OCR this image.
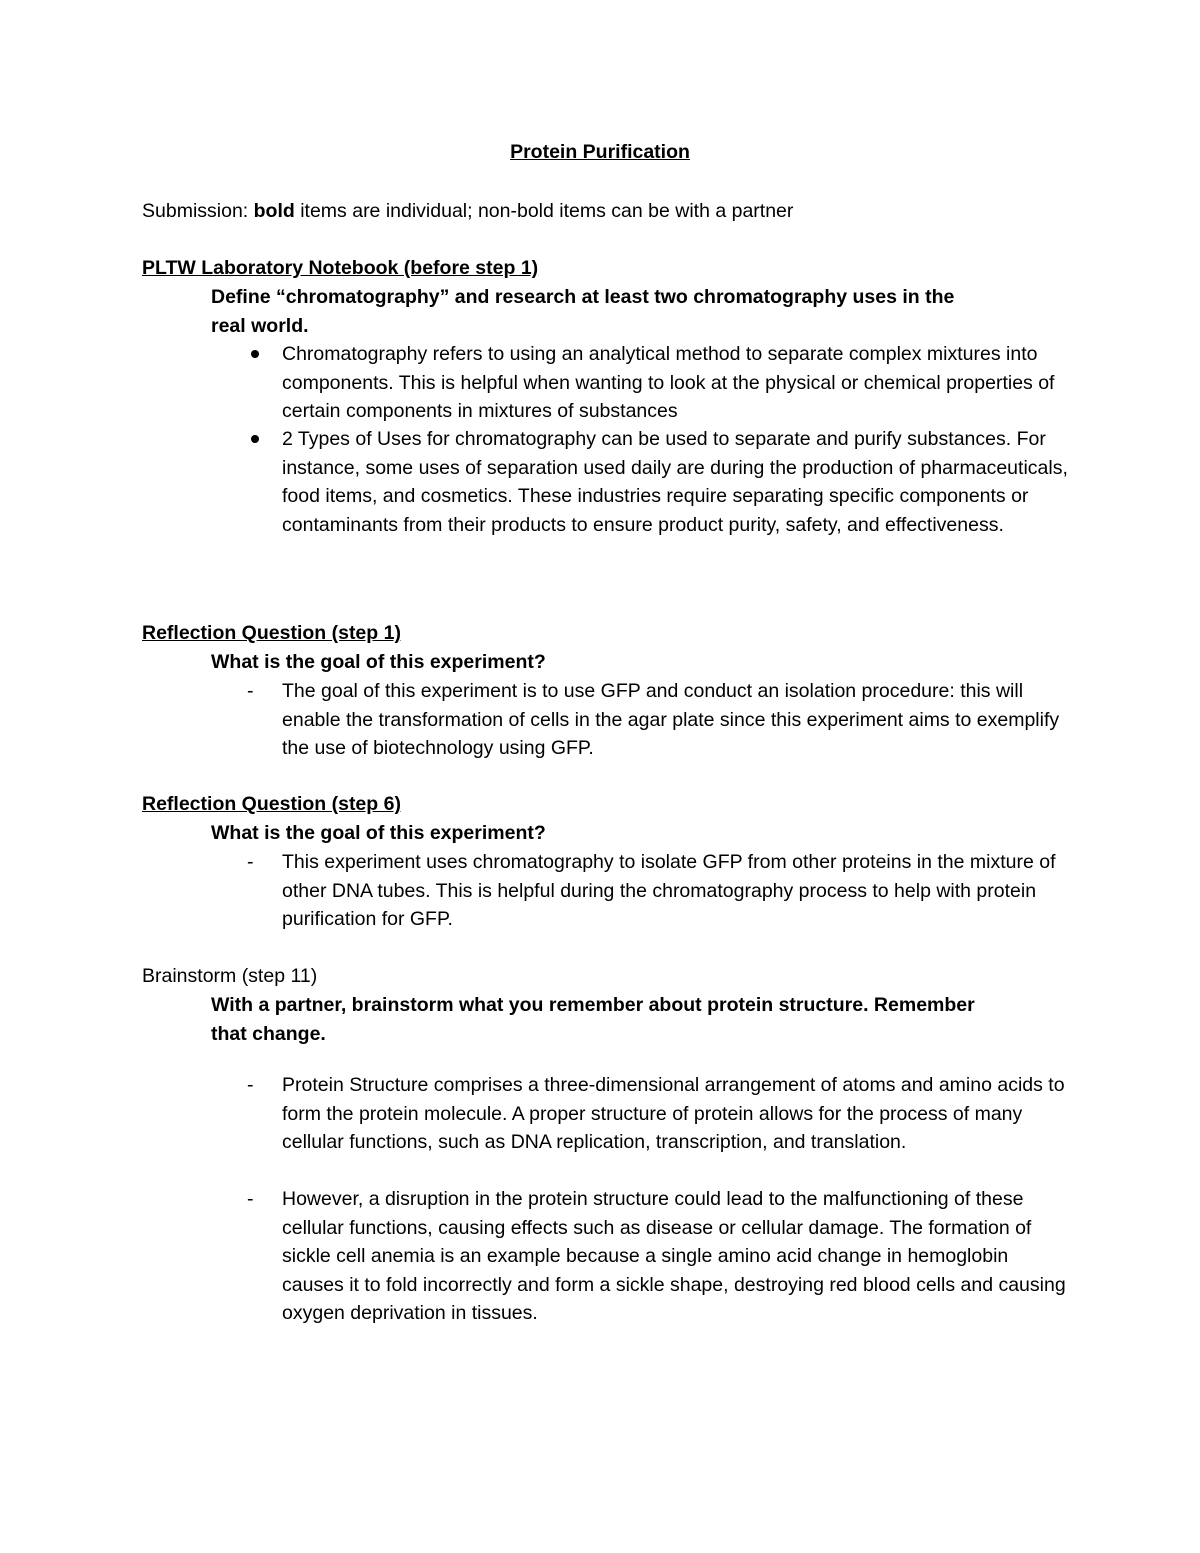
Protein Purification
Submission: bold items are individual; non-bold items can be with a partner
PLTW Laboratory Notebook (before step 1)
Define “chromatography” and research at least two chromatography uses in the
real world.
Chromatography refers to using an analytical method to separate complex mixtures into components. This is helpful when wanting to look at the physical or chemical properties of certain components in mixtures of substances
2 Types of Uses for chromatography can be used to separate and purify substances. For instance, some uses of separation used daily are during the production of pharmaceuticals, food items, and cosmetics. These industries require separating specific components or contaminants from their products to ensure product purity, safety, and effectiveness.
Reflection Question (step 1)
What is the goal of this experiment?
- The goal of this experiment is to use GFP and conduct an isolation procedure: this will enable the transformation of cells in the agar plate since this experiment aims to exemplify the use of biotechnology using GFP.
Reflection Question (step 6)
What is the goal of this experiment?
- This experiment uses chromatography to isolate GFP from other proteins in the mixture of other DNA tubes. This is helpful during the chromatography process to help with protein purification for GFP.
Brainstorm (step 11)
With a partner, brainstorm what you remember about protein structure. Remember
that change.
- Protein Structure comprises a three-dimensional arrangement of atoms and amino acids to form the protein molecule. A proper structure of protein allows for the process of many cellular functions, such as DNA replication, transcription, and translation.
- However, a disruption in the protein structure could lead to the malfunctioning of these cellular functions, causing effects such as disease or cellular damage. The formation of sickle cell anemia is an example because a single amino acid change in hemoglobin causes it to fold incorrectly and form a sickle shape, destroying red blood cells and causing oxygen deprivation in tissues.
